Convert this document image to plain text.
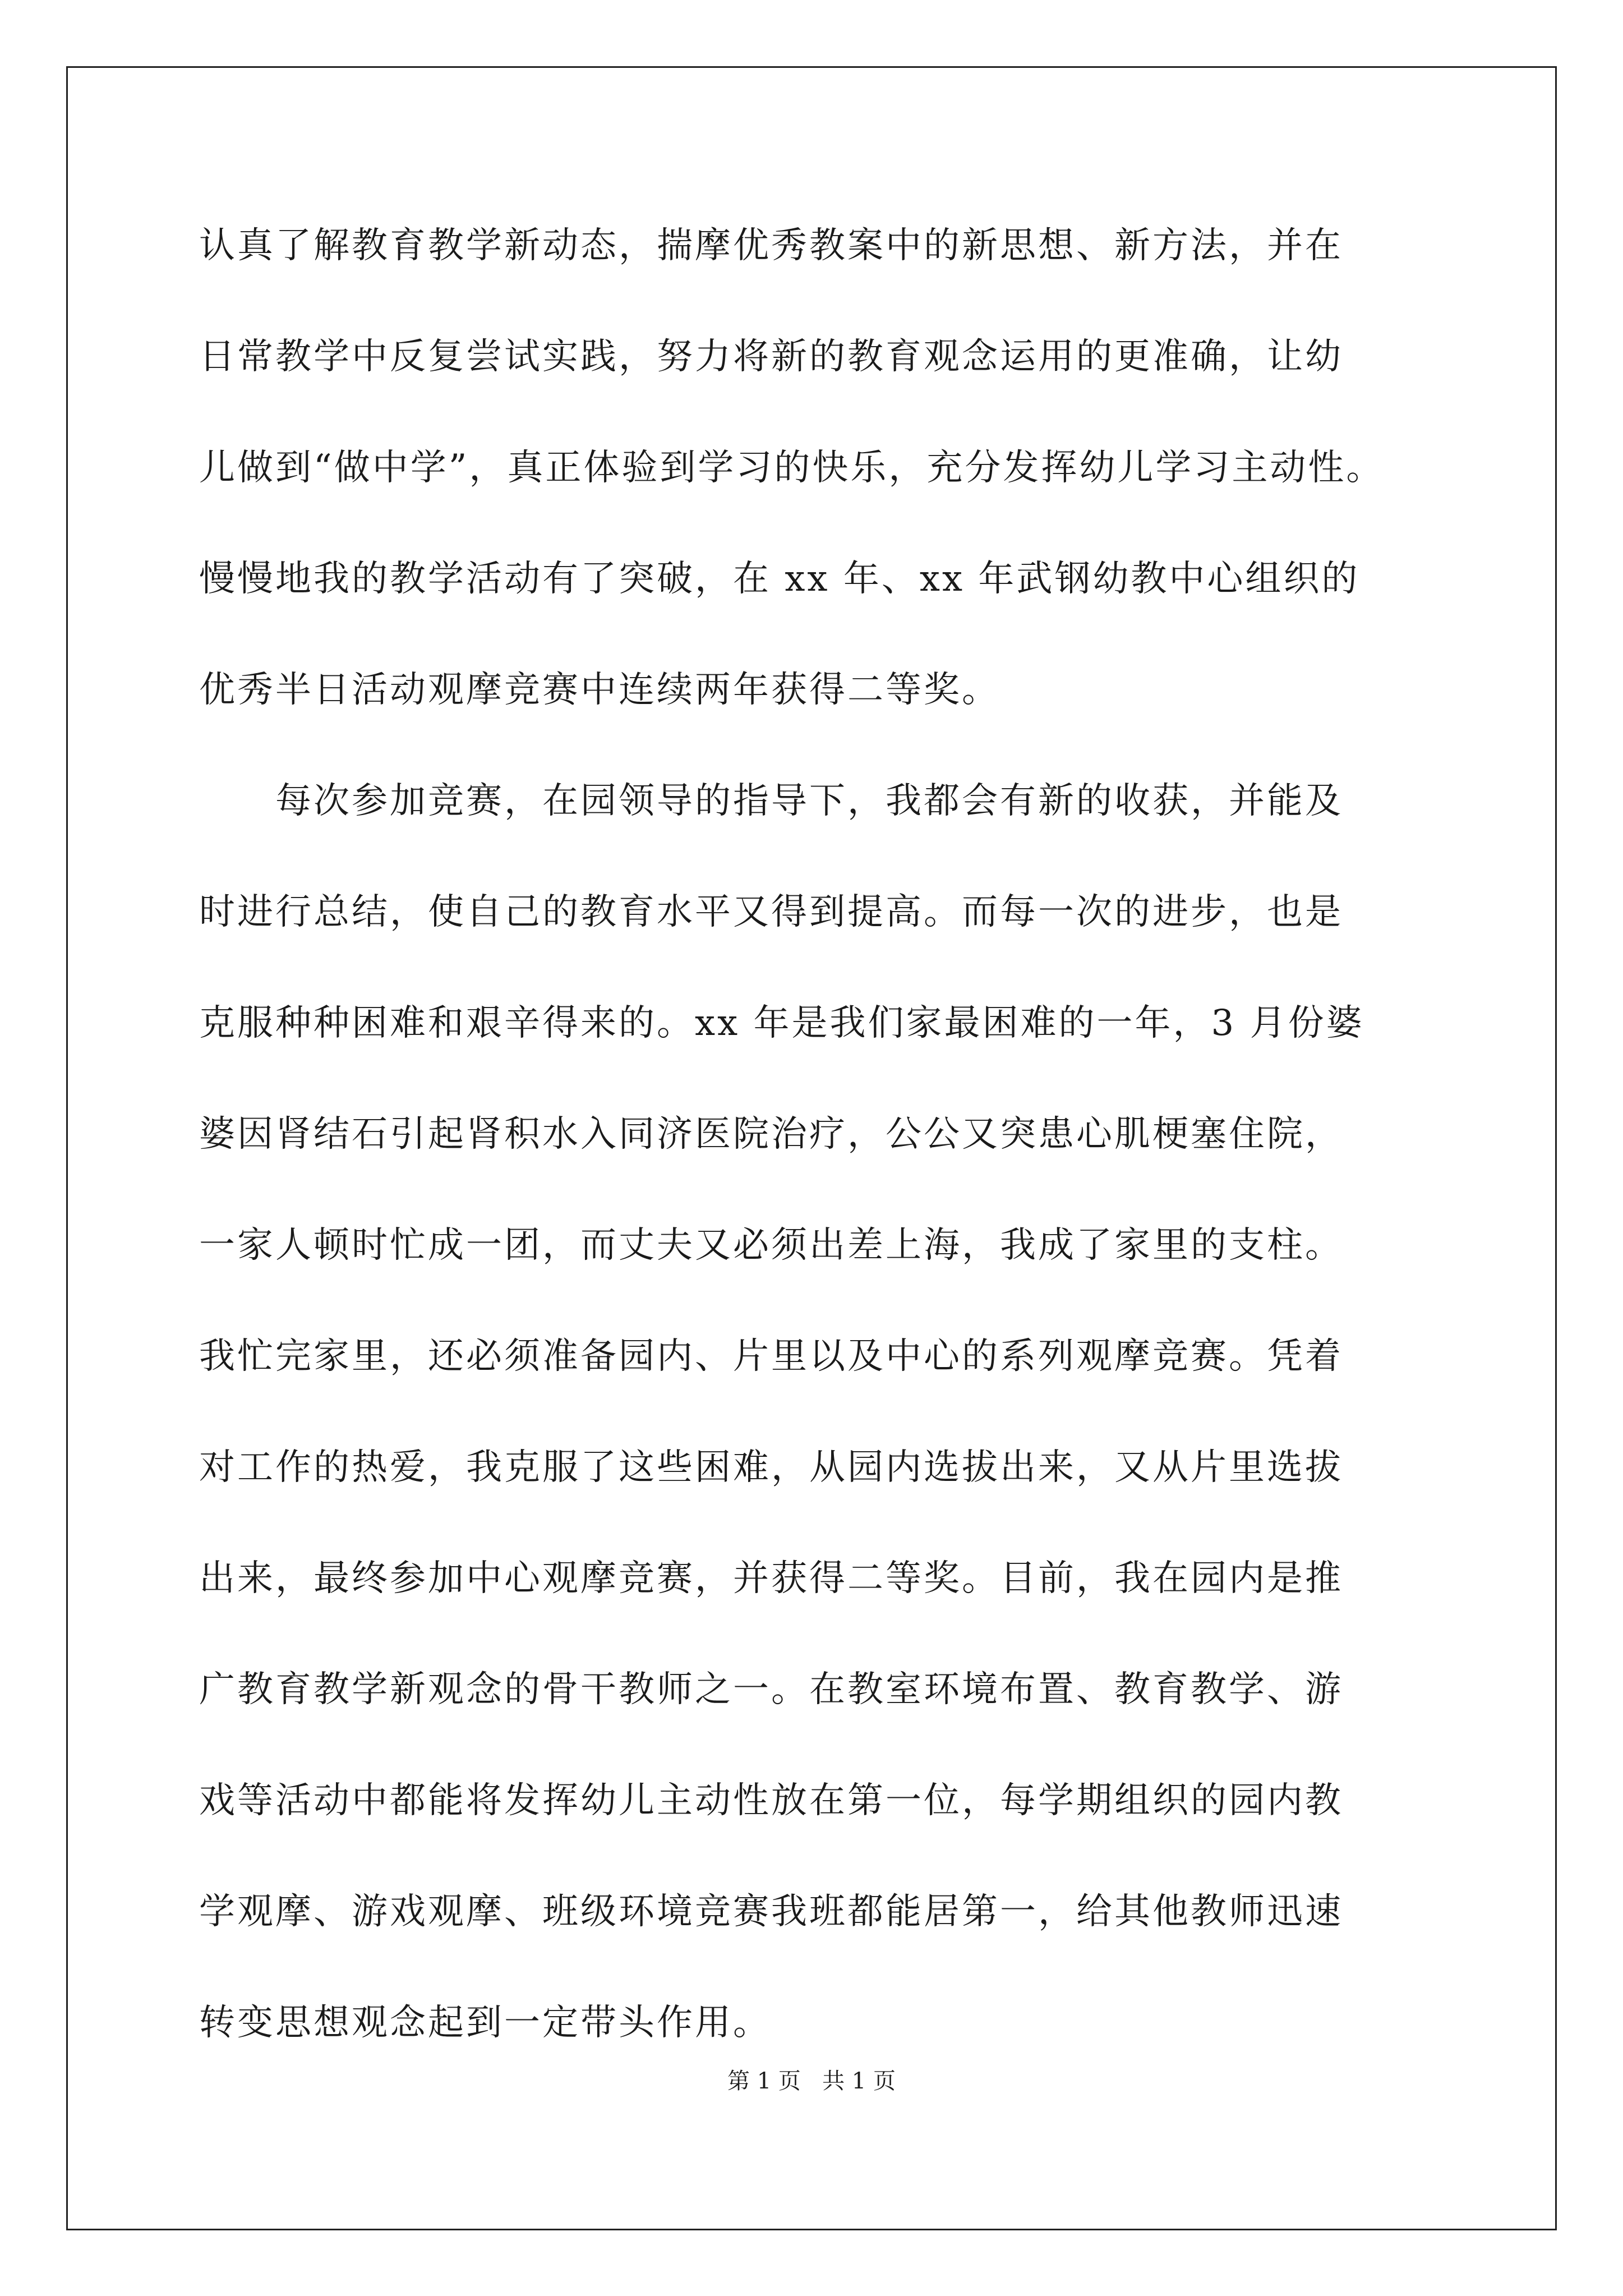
认真了解教育教学新动态，揣摩优秀教案中的新思想、新方法，并在
日常教学中反复尝试实践，努力将新的教育观念运用的更准确，让幼
儿做到“做中学”，真正体验到学习的快乐，充分发挥幼儿学习主动性。
慢慢地我的教学活动有了突破，在 xx 年、xx 年武钢幼教中心组织的
优秀半日活动观摩竞赛中连续两年获得二等奖。
每次参加竞赛，在园领导的指导下，我都会有新的收获，并能及
时进行总结，使自己的教育水平又得到提高。而每一次的进步，也是
克服种种困难和艰辛得来的。xx 年是我们家最困难的一年，3 月份婆
婆因肾结石引起肾积水入同济医院治疗，公公又突患心肌梗塞住院，
一家人顿时忙成一团，而丈夫又必须出差上海，我成了家里的支柱。
我忙完家里，还必须准备园内、片里以及中心的系列观摩竞赛。凭着
对工作的热爱，我克服了这些困难，从园内选拔出来，又从片里选拔
出来，最终参加中心观摩竞赛，并获得二等奖。目前，我在园内是推
广教育教学新观念的骨干教师之一。在教室环境布置、教育教学、游
戏等活动中都能将发挥幼儿主动性放在第一位，每学期组织的园内教
学观摩、游戏观摩、班级环境竞赛我班都能居第一，给其他教师迅速
转变思想观念起到一定带头作用。
第 1 页   共 1 页
